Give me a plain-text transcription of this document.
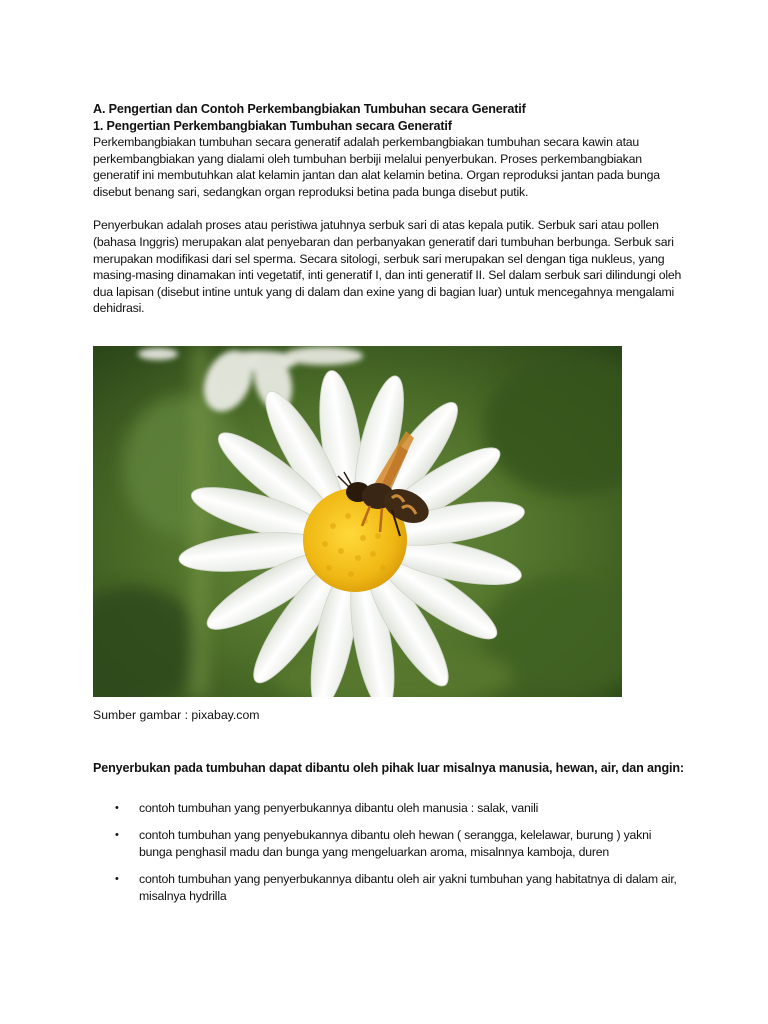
A. Pengertian dan Contoh Perkembangbiakan Tumbuhan secara Generatif
1. Pengertian Perkembangbiakan Tumbuhan secara Generatif
Perkembangbiakan tumbuhan secara generatif adalah perkembangbiakan tumbuhan secara kawin atau
perkembangbiakan yang dialami oleh tumbuhan berbiji melalui penyerbukan. Proses perkembangbiakan
generatif ini membutuhkan alat kelamin jantan dan alat kelamin betina. Organ reproduksi jantan pada bunga
disebut benang sari, sedangkan organ reproduksi betina pada bunga disebut putik.
Penyerbukan adalah proses atau peristiwa jatuhnya serbuk sari di atas kepala putik. Serbuk sari atau pollen
(bahasa Inggris) merupakan alat penyebaran dan perbanyakan generatif dari tumbuhan berbunga. Serbuk sari
merupakan modifikasi dari sel sperma. Secara sitologi, serbuk sari merupakan sel dengan tiga nukleus, yang
masing-masing dinamakan inti vegetatif, inti generatif I, dan inti generatif II. Sel dalam serbuk sari dilindungi oleh
dua lapisan (disebut intine untuk yang di dalam dan exine yang di bagian luar) untuk mencegahnya mengalami
dehidrasi.
Sumber gambar : pixabay.com
Penyerbukan pada tumbuhan dapat dibantu oleh pihak luar misalnya manusia, hewan, air, dan angin:
• contoh tumbuhan yang penyerbukannya dibantu oleh manusia : salak, vanili
• contoh tumbuhan yang penyebukannya dibantu oleh hewan ( serangga, kelelawar, burung ) yakni
bunga penghasil madu dan bunga yang mengeluarkan aroma, misalnnya kamboja, duren
• contoh tumbuhan yang penyerbukannya dibantu oleh air yakni tumbuhan yang habitatnya di dalam air,
misalnya hydrilla
